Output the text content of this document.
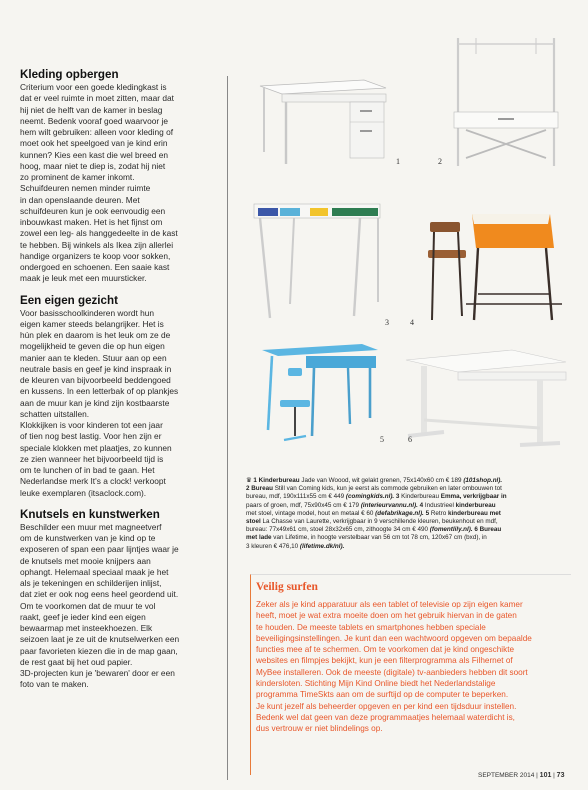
Kleding opbergen

Criterium voor een goede kledingkast is
dat er veel ruimte in moet zitten, maar dat
hij niet de helft van de kamer in beslag
neemt. Bedenk vooraf goed waarvoor je
hem wilt gebruiken: alleen voor kleding of
moet ook het speelgoed van je kind erin
kunnen? Kies een kast die wel breed en
hoog, maar niet te diep is, zodat hij niet
zo prominent de kamer inkomt.
Schuifdeuren nemen minder ruimte
in dan openslaande deuren. Met
schuifdeuren kun je ook eenvoudig een
inbouwkast maken. Het is het fijnst om
zowel een leg- als hanggedeelte in de kast
te hebben. Bij winkels als Ikea zijn allerlei
handige organizers te koop voor sokken,
ondergoed en schoenen. Een saaie kast
maak je leuk met een muursticker.

Een eigen gezicht

Voor basisschoolkinderen wordt hun
eigen kamer steeds belangrijker. Het is
hún plek en daarom is het leuk om ze de
mogelijkheid te geven die op hun eigen
manier aan te kleden. Stuur aan op een
neutrale basis en geef je kind inspraak in
de kleuren van bijvoorbeeld beddengoed
en kussens. In een letterbak of op plankjes
aan de muur kan je kind zijn kostbaarste
schatten uitstallen.
Klokkijken is voor kinderen tot een jaar
of tien nog best lastig. Voor hen zijn er
speciale klokken met plaatjes, zo kunnen
ze zien wanneer het bijvoorbeeld tijd is
om te lunchen of in bad te gaan. Het
Nederlandse merk It's a clock! verkoopt
leuke exemplaren (itsaclock.com).

Knutsels en kunstwerken

Beschilder een muur met magneetverf
om de kunstwerken van je kind op te
exposeren of span een paar lijntjes waar je
de knutsels met mooie knijpers aan
ophangt. Helemaal speciaal maak je het
als je tekeningen en schilderijen inlijst,
dat ziet er ook nog eens heel geordend uit.
Om te voorkomen dat de muur te vol
raakt, geef je ieder kind een eigen
bewaarmap met insteekhoezen. Elk
seizoen laat je ze uit de knutselwerken een
paar favorieten kiezen die in de map gaan,
de rest gaat bij het oud papier.
3D-projecten kun je 'bewaren' door er een
foto van te maken.

1	2
3	4
5	6
♛ 1 Kinderbureau Jade van Woood, wit gelakt grenen, 75x140x60 cm € 189 (101shop.nl).
2 Bureau Still van Coming kids, kun je eerst als commode gebruiken en later ombouwen tot
bureau, mdf, 190x111x55 cm € 449 (comingkids.nl). 3 Kinderbureau Emma, verkrijgbaar in
paars of groen, mdf, 75x90x45 cm € 179 (interieurvannu.nl). 4 Industrieel kinderbureau
met stoel, vintage model, hout en metaal € 60 (defabrikage.nl). 5 Retro kinderbureau met
stoel La Chasse van Laurette, verkrijgbaar in 9 verschillende kleuren, beukenhout en mdf,
bureau: 77x49x61 cm, stoel 28x32x65 cm, zithoogte 34 cm € 490 (fomentlily.nl). 6 Bureau
met lade van Lifetime, in hoogte verstelbaar van 56 cm tot 78 cm, 120x67 cm (bxd), in
3 kleuren € 476,10 (lifetime.dk/nl).
Veilig surfen
Zeker als je kind apparatuur als een tablet of televisie op zijn eigen kamer
heeft, moet je wat extra moeite doen om het gebruik hiervan in de gaten
te houden. De meeste tablets en smartphones hebben speciale
beveiligingsinstellingen. Je kunt dan een wachtwoord opgeven om bepaalde
functies mee af te schermen. Om te voorkomen dat je kind ongeschikte
websites en filmpjes bekijkt, kun je een filterprogramma als Filhernet of
MyBee installeren. Ook de meeste (digitale) tv-aanbieders hebben dit soort
kindersloten. Stichting Mijn Kind Online biedt het Nederlandstalige
programma TimeSkts aan om de surftijd op de computer te beperken.
Je kunt jezelf als beheerder opgeven en per kind een tijdsduur instellen.
Bedenk wel dat geen van deze programmaatjes helemaal waterdicht is,
dus vertrouw er niet blindelings op.
SEPTEMBER 2014 | 101 | 73
